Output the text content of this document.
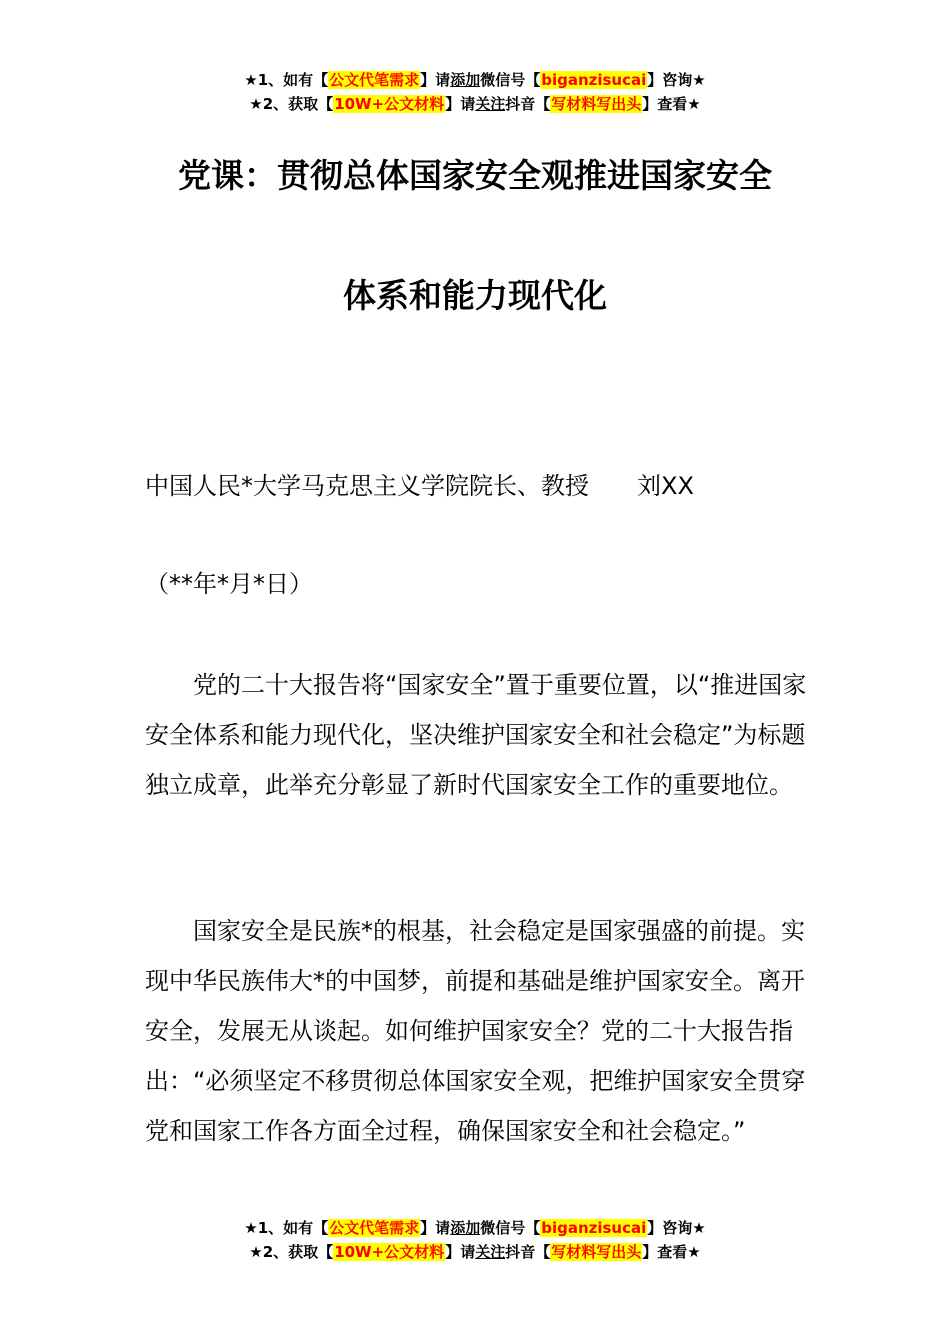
★1、如有【公文代笔需求】请添加微信号【biganzisucai】咨询★
★2、获取【10W+公文材料】请关注抖音【写材料写出头】查看★
党课：贯彻总体国家安全观推进国家安全
体系和能力现代化
中国人民*大学马克思主义学院院长、教授 刘XX
（**年*月*日）

党的二十大报告将“国家安全”置于重要位置，以“推进国家安全体系和能力现代化，坚决维护国家安全和社会稳定”为标题独立成章，此举充分彰显了新时代国家安全工作的重要地位。

国家安全是民族*的根基，社会稳定是国家强盛的前提。实现中华民族伟大*的中国梦，前提和基础是维护国家安全。离开安全，发展无从谈起。如何维护国家安全？党的二十大报告指出：“必须坚定不移贯彻总体国家安全观，把维护国家安全贯穿党和国家工作各方面全过程，确保国家安全和社会稳定。”

★1、如有【公文代笔需求】请添加微信号【biganzisucai】咨询★
★2、获取【10W+公文材料】请关注抖音【写材料写出头】查看★
